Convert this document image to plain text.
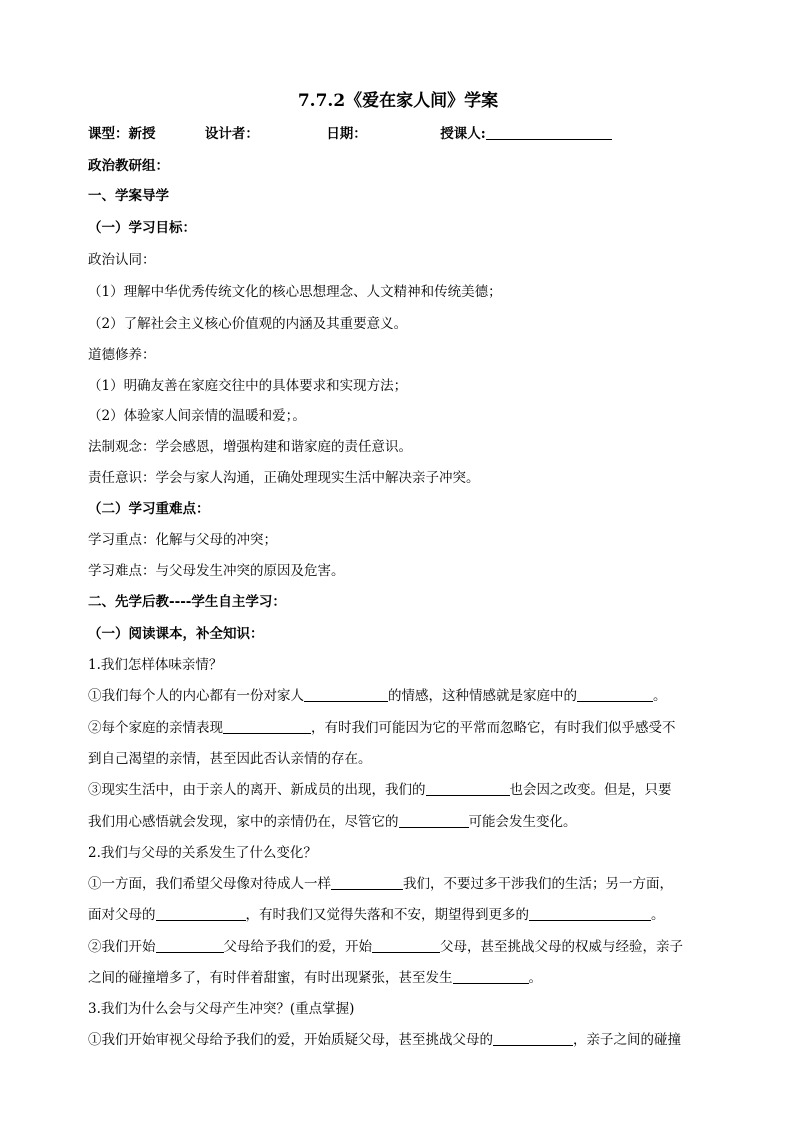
7.7.2《爱在家人间》学案
课型：新授	设计者：	日期：	授课人:
政治教研组：
一、学案导学
（一）学习目标：
政治认同：
（1）理解中华优秀传统文化的核心思想理念、人文精神和传统美德；
（2）了解社会主义核心价值观的内涵及其重要意义。
道德修养：
（1）明确友善在家庭交往中的具体要求和实现方法；
（2）体验家人间亲情的温暖和爱；。
法制观念：学会感恩，增强构建和谐家庭的责任意识。
责任意识：学会与家人沟通，正确处理现实生活中解决亲子冲突。
（二）学习重难点：
学习重点：化解与父母的冲突；
学习难点：与父母发生冲突的原因及危害。
二、先学后教----学生自主学习：
（一）阅读课本，补全知识：
1.我们怎样体味亲情？
①我们每个人的内心都有一份对家人	的情感，这种情感就是家庭中的	。
②每个家庭的亲情表现	，有时我们可能因为它的平常而忽略它，有时我们似乎感受不
到自己渴望的亲情，甚至因此否认亲情的存在。
③现实生活中，由于亲人的离开、新成员的出现，我们的	也会因之改变。但是，只要
我们用心感悟就会发现，家中的亲情仍在，尽管它的	可能会发生变化。
2.我们与父母的关系发生了什么变化？
①一方面，我们希望父母像对待成人一样	我们，不要过多干涉我们的生活；另一方面，
面对父母的	，有时我们又觉得失落和不安，期望得到更多的	。
②我们开始	父母给予我们的爱，开始	父母，甚至挑战父母的权威与经验，亲子
之间的碰撞增多了，有时伴着甜蜜，有时出现紧张，甚至发生	。
3.我们为什么会与父母产生冲突？(重点掌握)
①我们开始审视父母给予我们的爱，开始质疑父母，甚至挑战父母的	，亲子之间的碰撞
